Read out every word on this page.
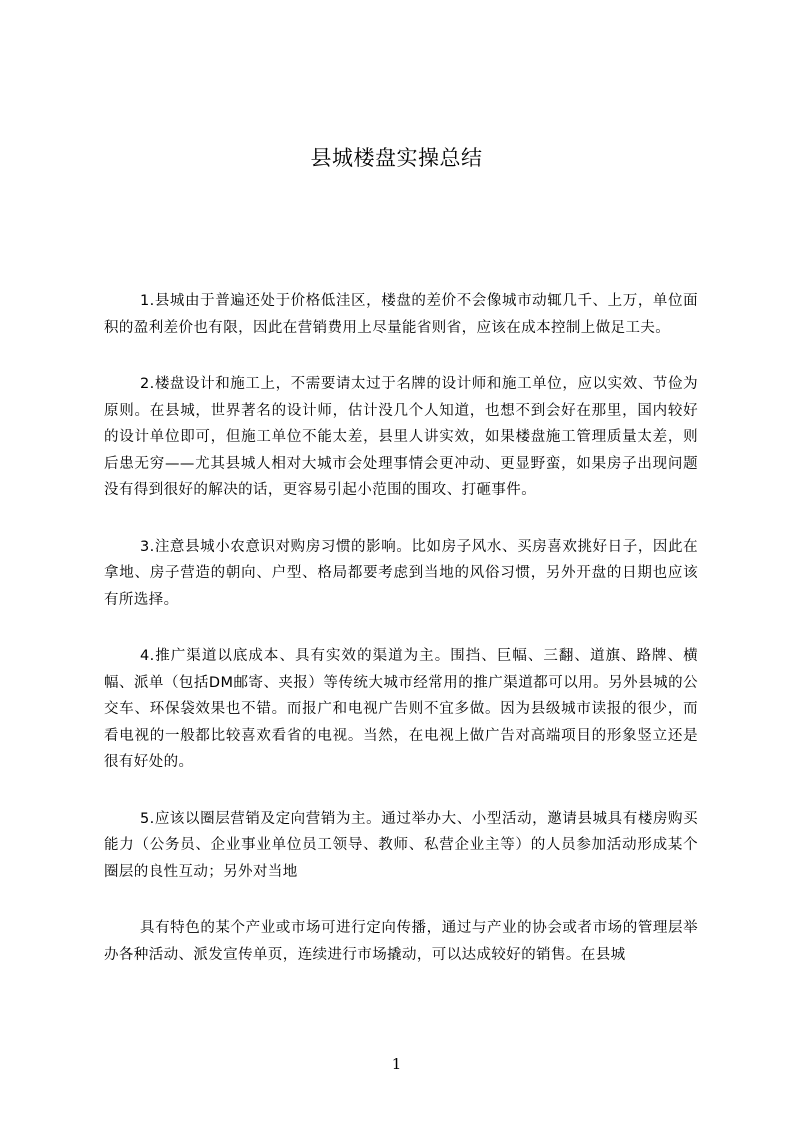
县城楼盘实操总结

1.县城由于普遍还处于价格低洼区，楼盘的差价不会像城市动辄几千、上万，单位面积的盈利差价也有限，因此在营销费用上尽量能省则省，应该在成本控制上做足工夫。

2.楼盘设计和施工上，不需要请太过于名牌的设计师和施工单位，应以实效、节俭为原则。在县城，世界著名的设计师，估计没几个人知道，也想不到会好在那里，国内较好的设计单位即可，但施工单位不能太差，县里人讲实效，如果楼盘施工管理质量太差，则后患无穷——尤其县城人相对大城市会处理事情会更冲动、更显野蛮，如果房子出现问题没有得到很好的解决的话，更容易引起小范围的围攻、打砸事件。

3.注意县城小农意识对购房习惯的影响。比如房子风水、买房喜欢挑好日子，因此在拿地、房子营造的朝向、户型、格局都要考虑到当地的风俗习惯，另外开盘的日期也应该有所选择。

4.推广渠道以底成本、具有实效的渠道为主。围挡、巨幅、三翻、道旗、路牌、横幅、派单（包括DM邮寄、夹报）等传统大城市经常用的推广渠道都可以用。另外县城的公交车、环保袋效果也不错。而报广和电视广告则不宜多做。因为县级城市读报的很少，而看电视的一般都比较喜欢看省的电视。当然，在电视上做广告对高端项目的形象竖立还是很有好处的。

5.应该以圈层营销及定向营销为主。通过举办大、小型活动，邀请县城具有楼房购买能力（公务员、企业事业单位员工领导、教师、私营企业主等）的人员参加活动形成某个圈层的良性互动；另外对当地

具有特色的某个产业或市场可进行定向传播，通过与产业的协会或者市场的管理层举办各种活动、派发宣传单页，连续进行市场撬动，可以达成较好的销售。在县城

1
